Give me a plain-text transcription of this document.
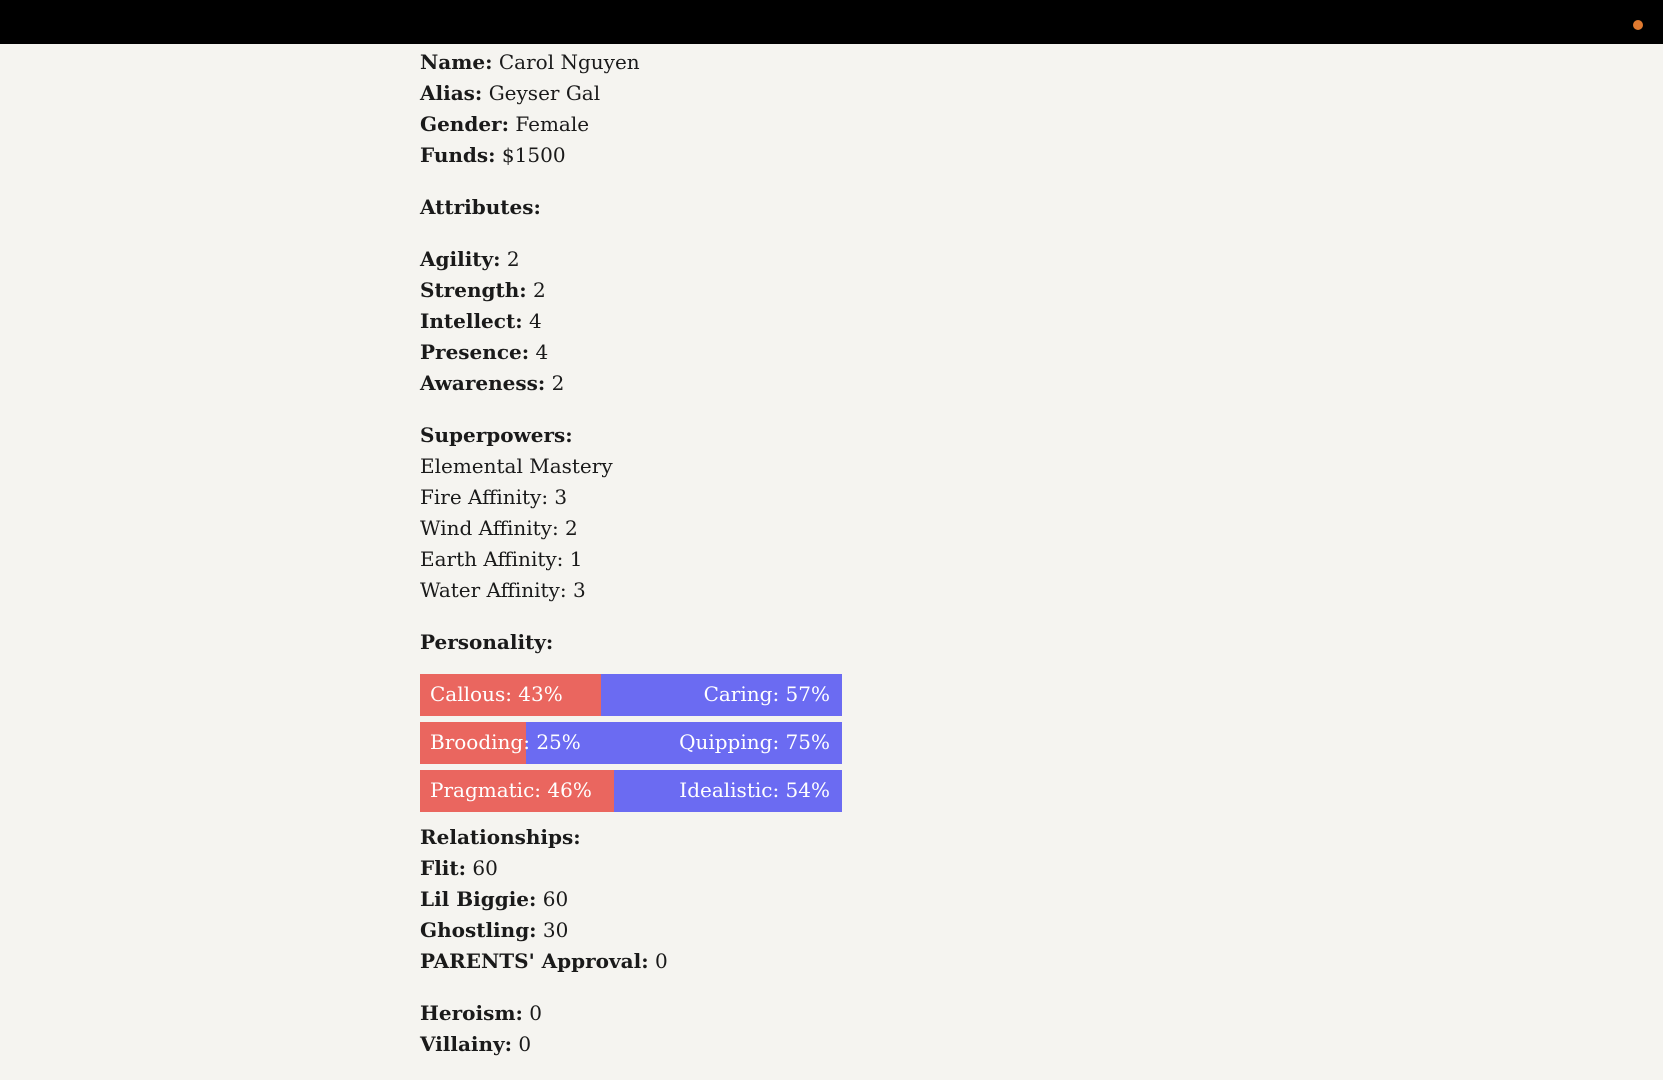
Name: Carol Nguyen
Alias: Geyser Gal
Gender: Female
Funds: $1500
Attributes:
Agility: 2
Strength: 2
Intellect: 4
Presence: 4
Awareness: 2
Superpowers:
Elemental Mastery
Fire Affinity: 3
Wind Affinity: 2
Earth Affinity: 1
Water Affinity: 3
Personality:
Callous: 43%	Caring: 57%
Brooding: 25%	Quipping: 75%
Pragmatic: 46%	Idealistic: 54%
Relationships:
Flit: 60
Lil Biggie: 60
Ghostling: 30
PARENTS' Approval: 0
Heroism: 0
Villainy: 0
